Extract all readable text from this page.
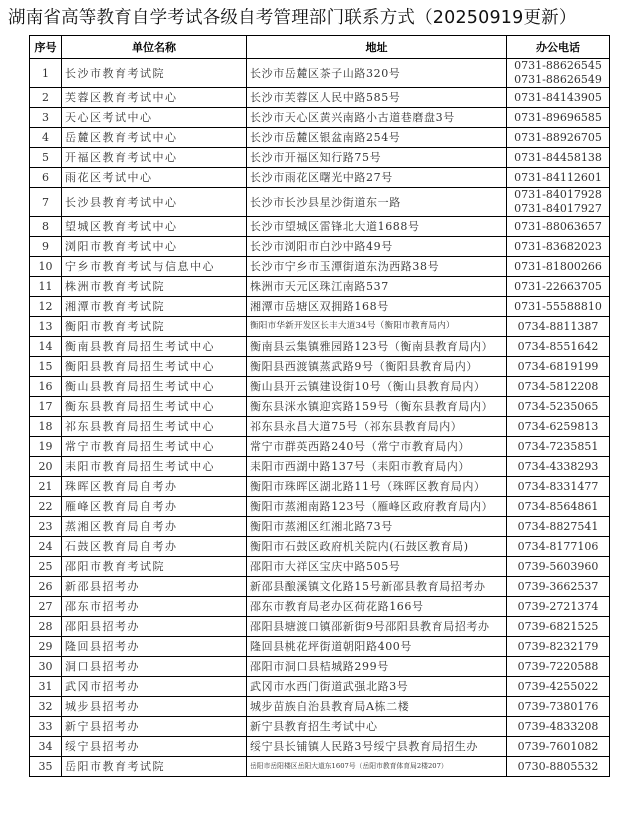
湖南省高等教育自学考试各级自考管理部门联系方式（20250919更新）
序号	单位名称	地址	办公电话
1	长沙市教育考试院	长沙市岳麓区茶子山路320号	0731-88626545
0731-88626549

2	芙蓉区教育考试中心	长沙市芙蓉区人民中路585号	0731-84143905

3	天心区考试中心	长沙市天心区黄兴南路小古道巷磨盘3号	0731-89696585

4	岳麓区教育考试中心	长沙市岳麓区银盆南路254号	0731-88926705

5	开福区教育考试中心	长沙市开福区知行路75号	0731-84458138

6	雨花区考试中心	长沙市雨花区曙光中路27号	0731-84112601

7	长沙县教育考试中心	长沙市长沙县星沙街道东一路	0731-84017928
0731-84017927

8	望城区教育考试中心	长沙市望城区雷锋北大道1688号	0731-88063657

9	浏阳市教育考试中心	长沙市浏阳市白沙中路49号	0731-83682023

10	宁乡市教育考试与信息中心	长沙市宁乡市玉潭街道东沩西路38号	0731-81800266

11	株洲市教育考试院	株洲市天元区珠江南路537	0731-22663705

12	湘潭市教育考试院	湘潭市岳塘区双拥路168号	0731-55588810

13	衡阳市教育考试院	衡阳市华新开发区长丰大道34号（衡阳市教育局内）	0734-8811387

14	衡南县教育局招生考试中心	衡南县云集镇雅园路123号（衡南县教育局内）	0734-8551642

15	衡阳县教育局招生考试中心	衡阳县西渡镇蒸武路9号（衡阳县教育局内）	0734-6819199

16	衡山县教育局招生考试中心	衡山县开云镇建设街10号（衡山县教育局内）	0734-5812208

17	衡东县教育局招生考试中心	衡东县洣水镇迎宾路159号（衡东县教育局内）	0734-5235065

18	祁东县教育局招生考试中心	祁东县永昌大道75号（祁东县教育局内）	0734-6259813

19	常宁市教育局招生考试中心	常宁市群英西路240号（常宁市教育局内）	0734-7235851

20	耒阳市教育局招生考试中心	耒阳市西湖中路137号（耒阳市教育局内）	0734-4338293

21	珠晖区教育局自考办	衡阳市珠晖区湖北路11号（珠晖区教育局内）	0734-8331477

22	雁峰区教育局自考办	衡阳市蒸湘南路123号（雁峰区政府教育局内）	0734-8564861

23	蒸湘区教育局自考办	衡阳市蒸湘区红湘北路73号	0734-8827541

24	石鼓区教育局自考办	衡阳市石鼓区政府机关院内(石鼓区教育局)	0734-8177106

25	邵阳市教育考试院	邵阳市大祥区宝庆中路505号	0739-5603960

26	新邵县招考办	新邵县酿溪镇文化路15号新邵县教育局招考办	0739-3662537

27	邵东市招考办	邵东市教育局老办区荷花路166号	0739-2721374

28	邵阳县招考办	邵阳县塘渡口镇邵新街9号邵阳县教育局招考办	0739-6821525

29	隆回县招考办	隆回县桃花坪街道朝阳路400号	0739-8232179

30	洞口县招考办	邵阳市洞口县桔城路299号	0739-7220588

31	武冈市招考办	武冈市水西门街道武强北路3号	0739-4255022

32	城步县招考办	城步苗族自治县教育局A栋二楼	0739-7380176

33	新宁县招考办	新宁县教育招生考试中心	0739-4833208

34	绥宁县招考办	绥宁县长铺镇人民路3号绥宁县教育局招生办	0739-7601082

35	岳阳市教育考试院	岳阳市岳阳楼区岳阳大道东1607号（岳阳市教育体育局2楼207）	0730-8805532
